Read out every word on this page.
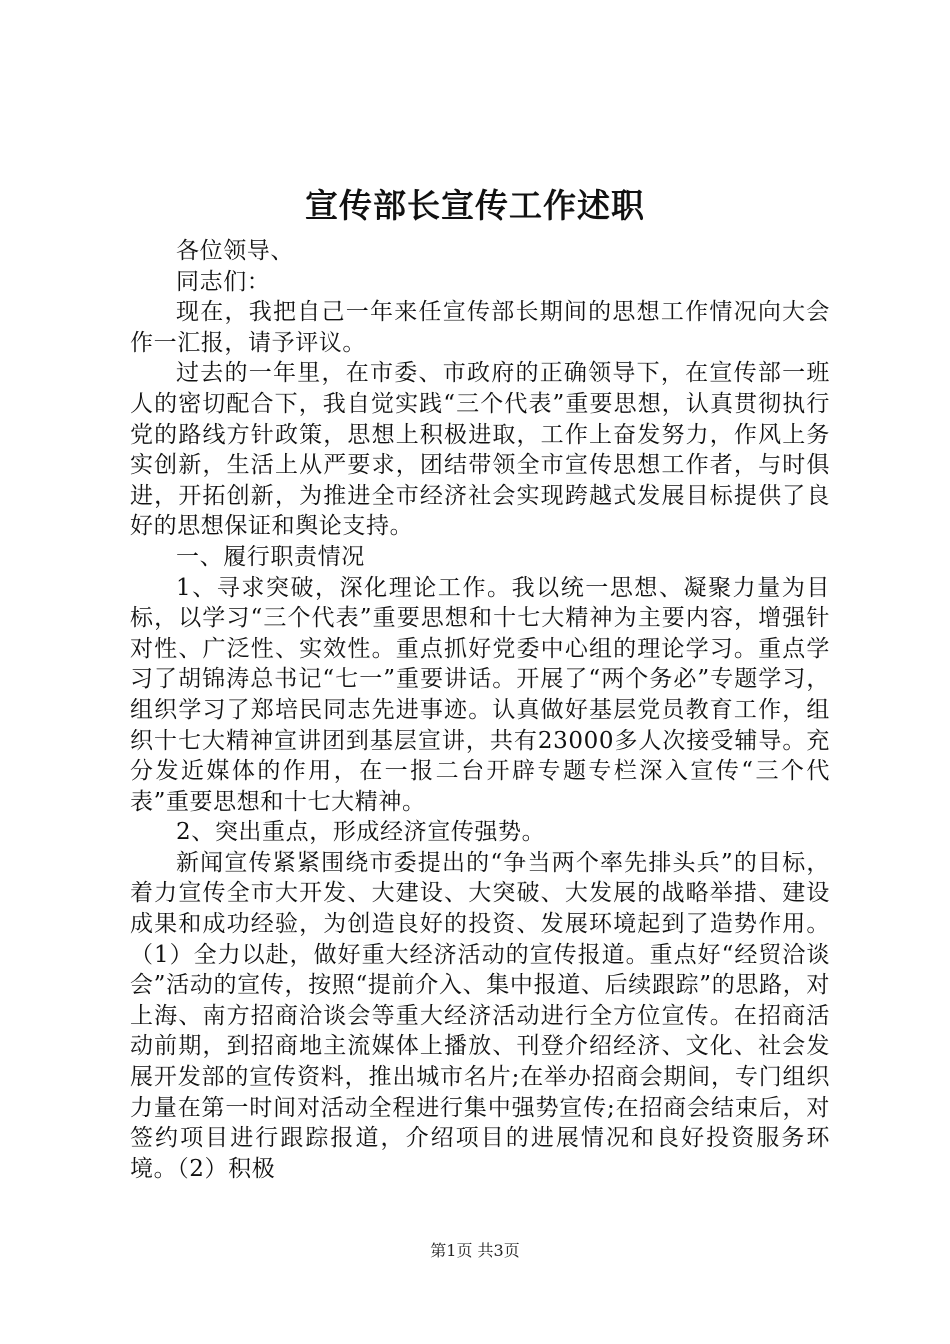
宣传部长宣传工作述职

各位领导、

同志们：

现在，我把自己一年来任宣传部长期间的思想工作情况向大会作一汇报，请予评议。

过去的一年里，在市委、市政府的正确领导下，在宣传部一班人的密切配合下，我自觉实践“三个代表”重要思想，认真贯彻执行党的路线方针政策，思想上积极进取，工作上奋发努力，作风上务实创新，生活上从严要求，团结带领全市宣传思想工作者，与时俱进，开拓创新，为推进全市经济社会实现跨越式发展目标提供了良好的思想保证和舆论支持。

一、履行职责情况

1、寻求突破，深化理论工作。我以统一思想、凝聚力量为目标，以学习“三个代表”重要思想和十七大精神为主要内容，增强针对性、广泛性、实效性。重点抓好党委中心组的理论学习。重点学习了胡锦涛总书记“七一”重要讲话。开展了“两个务必”专题学习，组织学习了郑培民同志先进事迹。认真做好基层党员教育工作，组织十七大精神宣讲团到基层宣讲，共有23000多人次接受辅导。充分发近媒体的作用，在一报二台开辟专题专栏深入宣传“三个代表”重要思想和十七大精神。

2、突出重点，形成经济宣传强势。

新闻宣传紧紧围绕市委提出的“争当两个率先排头兵”的目标，着力宣传全市大开发、大建设、大突破、大发展的战略举措、建设成果和成功经验，为创造良好的投资、发展环境起到了造势作用。（1）全力以赴，做好重大经济活动的宣传报道。重点好“经贸洽谈会”活动的宣传，按照“提前介入、集中报道、后续跟踪”的思路，对上海、南方招商洽谈会等重大经济活动进行全方位宣传。在招商活动前期，到招商地主流媒体上播放、刊登介绍经济、文化、社会发展开发部的宣传资料，推出城市名片;在举办招商会期间，专门组织力量在第一时间对活动全程进行集中强势宣传;在招商会结束后，对签约项目进行跟踪报道，介绍项目的进展情况和良好投资服务环境。（2）积极

第1页 共3页
